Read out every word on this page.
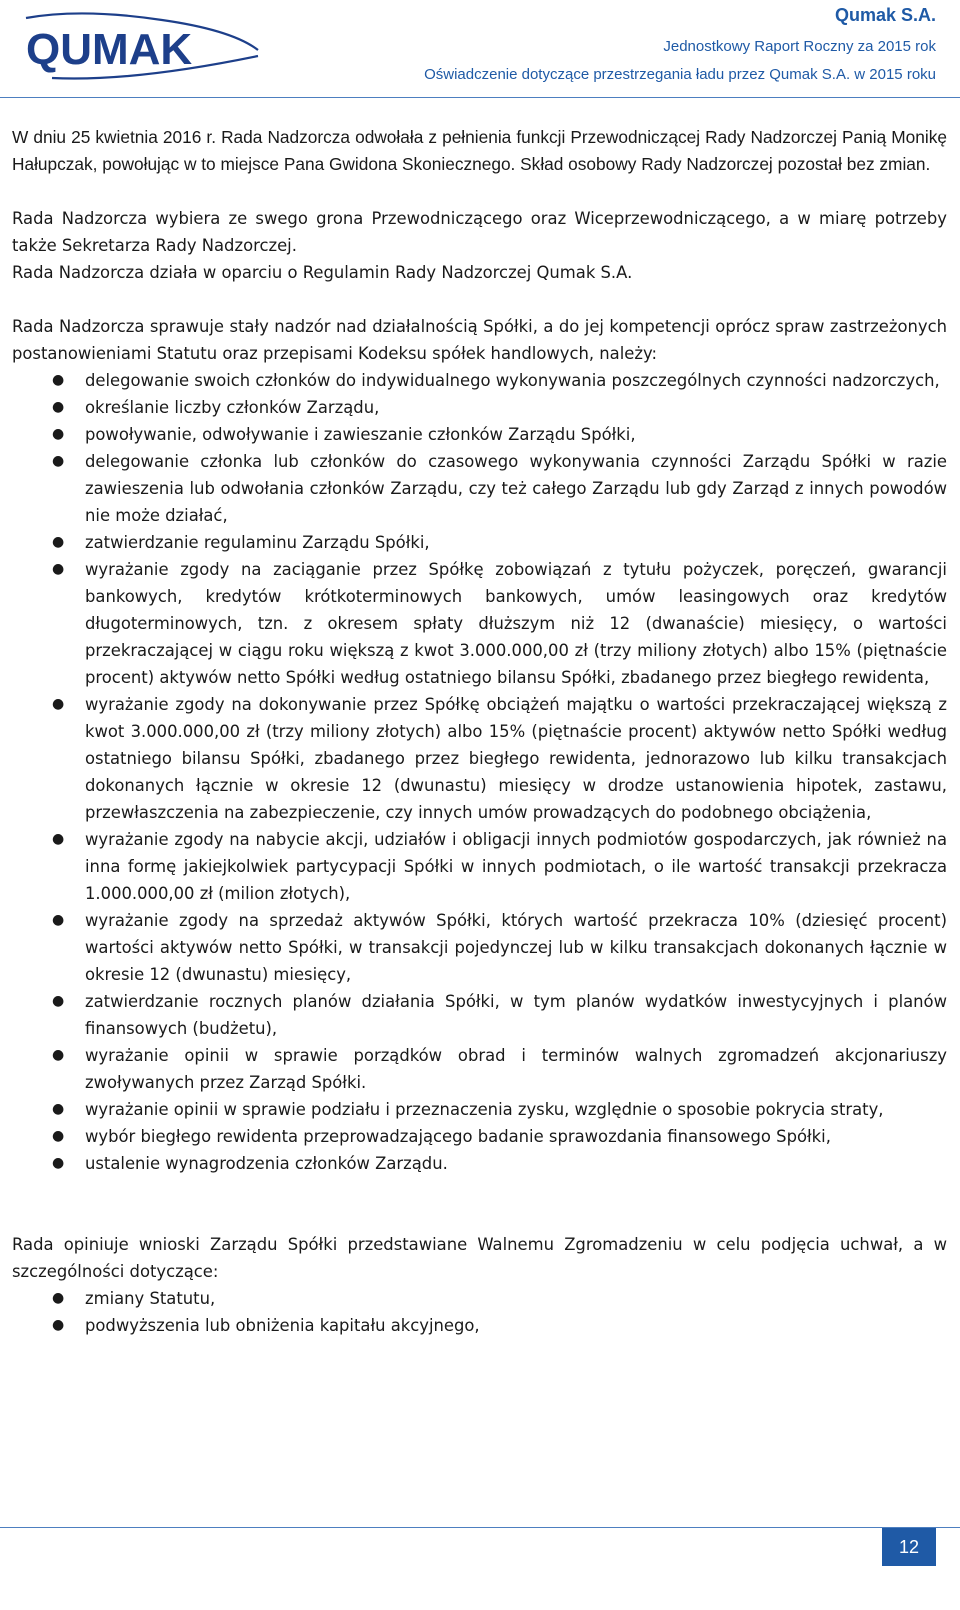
QUMAK
Qumak S.A.
Jednostkowy Raport Roczny za 2015 rok
Oświadczenie dotyczące przestrzegania ładu przez Qumak S.A. w 2015 roku

W dniu 25 kwietnia 2016 r. Rada Nadzorcza odwołała z pełnienia funkcji Przewodniczącej Rady Nadzorczej Panią Monikę Hałupczak, powołując w to miejsce Pana Gwidona Skoniecznego. Skład osobowy Rady Nadzorczej pozostał bez zmian.

Rada Nadzorcza wybiera ze swego grona Przewodniczącego oraz Wiceprzewodniczącego, a w miarę potrzeby także Sekretarza Rady Nadzorczej.

Rada Nadzorcza działa w oparciu o Regulamin Rady Nadzorczej Qumak S.A.

Rada Nadzorcza sprawuje stały nadzór nad działalnością Spółki, a do jej kompetencji oprócz spraw zastrzeżonych postanowieniami Statutu oraz przepisami Kodeksu spółek handlowych, należy:

● delegowanie swoich członków do indywidualnego wykonywania poszczególnych czynności nadzorczych,
● określanie liczby członków Zarządu,
● powoływanie, odwoływanie i zawieszanie członków Zarządu Spółki,
● delegowanie członka lub członków do czasowego wykonywania czynności Zarządu Spółki w razie zawieszenia lub odwołania członków Zarządu, czy też całego Zarządu lub gdy Zarząd z innych powodów nie może działać,
● zatwierdzanie regulaminu Zarządu Spółki,
● wyrażanie zgody na zaciąganie przez Spółkę zobowiązań z tytułu pożyczek, poręczeń, gwarancji bankowych, kredytów krótkoterminowych bankowych, umów leasingowych oraz kredytów długoterminowych, tzn. z okresem spłaty dłuższym niż 12 (dwanaście) miesięcy, o wartości przekraczającej w ciągu roku większą z kwot 3.000.000,00 zł (trzy miliony złotych) albo 15% (piętnaście procent) aktywów netto Spółki według ostatniego bilansu Spółki, zbadanego przez biegłego rewidenta,
● wyrażanie zgody na dokonywanie przez Spółkę obciążeń majątku o wartości przekraczającej większą z kwot 3.000.000,00 zł (trzy miliony złotych) albo 15% (piętnaście procent) aktywów netto Spółki według ostatniego bilansu Spółki, zbadanego przez biegłego rewidenta, jednorazowo lub kilku transakcjach dokonanych łącznie w okresie 12 (dwunastu) miesięcy w drodze ustanowienia hipotek, zastawu, przewłaszczenia na zabezpieczenie, czy innych umów prowadzących do podobnego obciążenia,
● wyrażanie zgody na nabycie akcji, udziałów i obligacji innych podmiotów gospodarczych, jak również na inna formę jakiejkolwiek partycypacji Spółki w innych podmiotach, o ile wartość transakcji przekracza 1.000.000,00 zł (milion złotych),
● wyrażanie zgody na sprzedaż aktywów Spółki, których wartość przekracza 10% (dziesięć procent) wartości aktywów netto Spółki, w transakcji pojedynczej lub w kilku transakcjach dokonanych łącznie w okresie 12 (dwunastu) miesięcy,
● zatwierdzanie rocznych planów działania Spółki, w tym planów wydatków inwestycyjnych i planów finansowych (budżetu),
● wyrażanie opinii w sprawie porządków obrad i terminów walnych zgromadzeń akcjonariuszy zwoływanych przez Zarząd Spółki.
● wyrażanie opinii w sprawie podziału i przeznaczenia zysku, względnie o sposobie pokrycia straty,
● wybór biegłego rewidenta przeprowadzającego badanie sprawozdania finansowego Spółki,
● ustalenie wynagrodzenia członków Zarządu.

Rada opiniuje wnioski Zarządu Spółki przedstawiane Walnemu Zgromadzeniu w celu podjęcia uchwał, a w szczególności dotyczące:

● zmiany Statutu,
● podwyższenia lub obniżenia kapitału akcyjnego,
12
